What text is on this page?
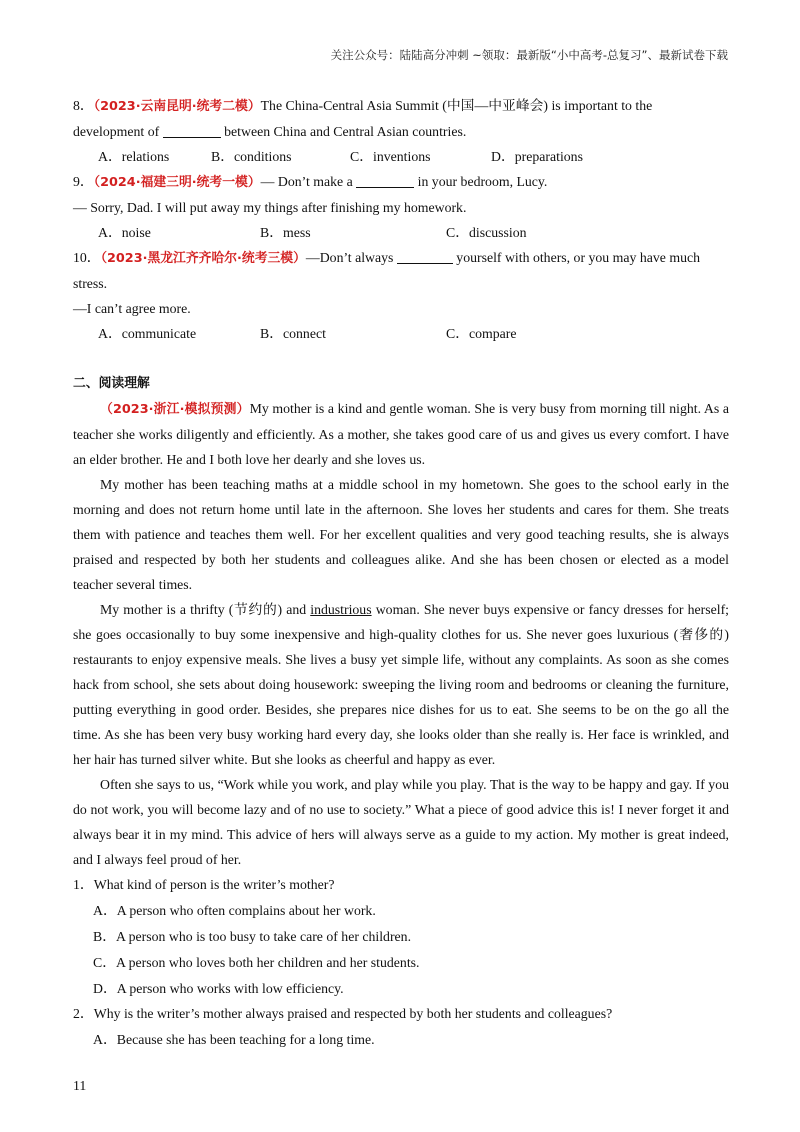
关注公众号：陆陆高分冲刺 ~领取：最新版“小中高考-总复习”、最新试卷下载
8．（2023·云南昆明·统考二模）The China-Central Asia Summit (中国—中亚峰会) is important to the
development of	between China and Central Asian countries.
A．relations	B．conditions	C．inventions	D．preparations
9．（2024·福建三明·统考一模）— Don’t make a	in your bedroom, Lucy.
— Sorry, Dad. I will put away my things after finishing my homework.
A．noise	B．mess	C．discussion
10．（2023·黑龙江齐齐哈尔·统考三模）—Don’t always	yourself with others, or you may have much
stress.
—I can’t agree more.
A．communicate	B．connect	C．compare
二、阅读理解

（2023·浙江·模拟预测）My mother is a kind and gentle woman. She is very busy from morning till night. As a teacher she works diligently and efficiently. As a mother, she takes good care of us and gives us every comfort. I have an elder brother. He and I both love her dearly and she loves us.

My mother has been teaching maths at a middle school in my hometown. She goes to the school early in the morning and does not return home until late in the afternoon. She loves her students and cares for them. She treats them with patience and teaches them well. For her excellent qualities and very good teaching results, she is always praised and respected by both her students and colleagues alike. And she has been chosen or elected as a model teacher several times.

My mother is a thrifty (节约的) and industrious woman. She never buys expensive or fancy dresses for herself; she goes occasionally to buy some inexpensive and high-quality clothes for us. She never goes luxurious (奢侈的) restaurants to enjoy expensive meals. She lives a busy yet simple life, without any complaints. As soon as she comes hack from school, she sets about doing housework: sweeping the living room and bedrooms or cleaning the furniture, putting everything in good order. Besides, she prepares nice dishes for us to eat. She seems to be on the go all the time. As she has been very busy working hard every day, she looks older than she really is. Her face is wrinkled, and her hair has turned silver white. But she looks as cheerful and happy as ever.

Often she says to us, “Work while you work, and play while you play. That is the way to be happy and gay. If you do not work, you will become lazy and of no use to society.” What a piece of good advice this is! I never forget it and always bear it in my mind. This advice of hers will always serve as a guide to my action. My mother is great indeed, and I always feel proud of her.

1．What kind of person is the writer’s mother?
A．A person who often complains about her work.
B．A person who is too busy to take care of her children.
C．A person who loves both her children and her students.
D．A person who works with low efficiency.
2．Why is the writer’s mother always praised and respected by both her students and colleagues?
A．Because she has been teaching for a long time.
11
